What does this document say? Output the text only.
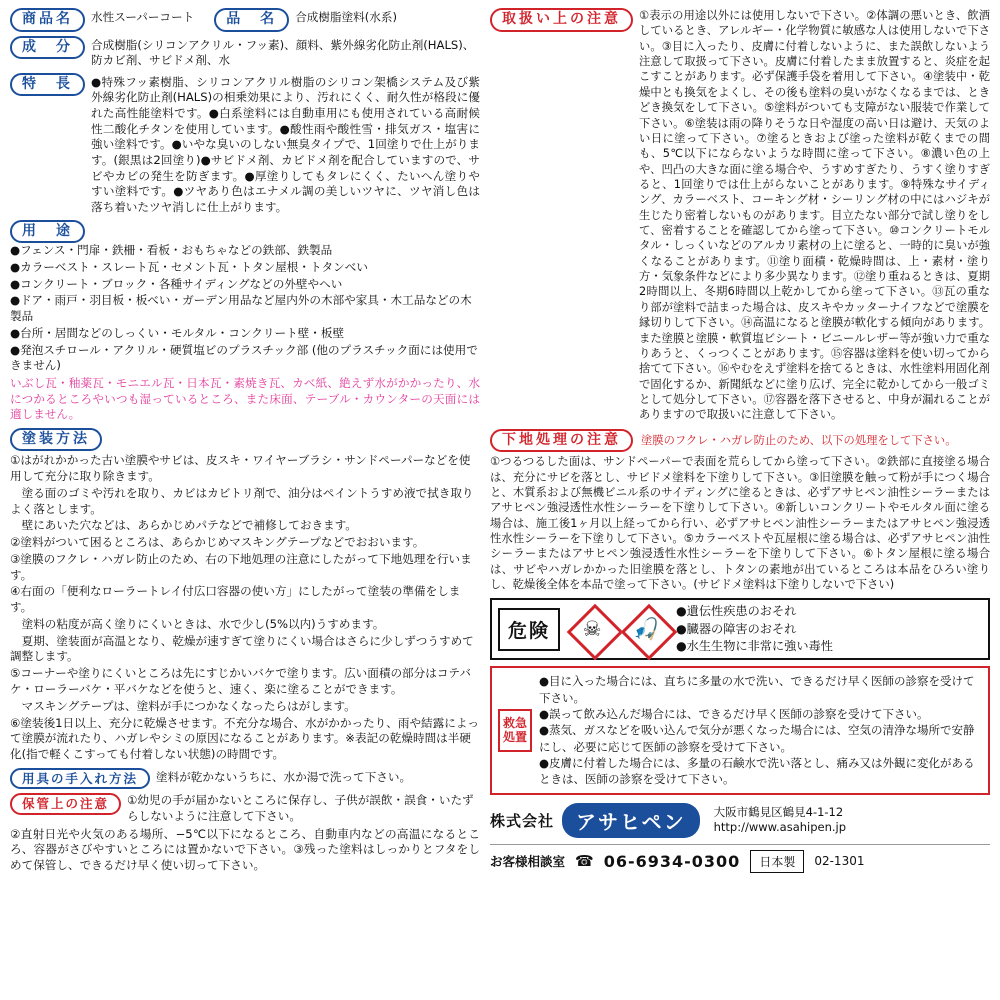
商品名	水性スーパーコート	品　名	合成樹脂塗料(水系)
成　分	合成樹脂(シリコンアクリル・フッ素)、顔料、紫外線劣化防止剤(HALS)、防カビ剤、サビドメ剤、水
特　長	●特殊フッ素樹脂、シリコンアクリル樹脂のシリコン架橋システム及び紫外線劣化防止剤(HALS)の相乗効果により、汚れにくく、耐久性が格段に優れた高性能塗料です。●白系塗料には自動車用にも使用されている高耐候性二酸化チタンを使用しています。●酸性雨や酸性雪・排気ガス・塩害に強い塗料です。●いやな臭いのしない無臭タイプで、1回塗りで仕上がります。(銀黒は2回塗り)●サビドメ剤、カビドメ剤を配合していますので、サビやカビの発生を防ぎます。●厚塗りしてもタレにくく、たいへん塗りやすい塗料です。●ツヤあり色はエナメル調の美しいツヤに、ツヤ消し色は落ち着いたツヤ消しに仕上がります。
用　途
●フェンス・門扉・鉄柵・看板・おもちゃなどの鉄部、鉄製品
●カラーベスト・スレート瓦・セメント瓦・トタン屋根・トタンべい
●コンクリート・ブロック・各種サイディングなどの外壁やへい
●ドア・雨戸・羽目板・板べい・ガーデン用品など屋内外の木部や家具・木工品などの木製品
●台所・居間などのしっくい・モルタル・コンクリート壁・板壁
●発泡スチロール・アクリル・硬質塩ビのプラスチック部 (他のプラスチック面には使用できません)
いぶし瓦・釉薬瓦・モニエル瓦・日本瓦・素焼き瓦、カベ紙、絶えず水がかかったり、水につかるところやいつも湿っているところ、また床面、テーブル・カウンターの天面には適しません。
塗装方法
①はがれかかった古い塗膜やサビは、皮スキ・ワイヤーブラシ・サンドペーパーなどを使用して充分に取り除きます。
　塗る面のゴミや汚れを取り、カビはカビトリ剤で、油分はペイントうすめ液で拭き取りよく落とします。
　壁にあいた穴などは、あらかじめパテなどで補修しておきます。
②塗料がついて困るところは、あらかじめマスキングテープなどでおおいます。
③塗膜のフクレ・ハガレ防止のため、右の下地処理の注意にしたがって下地処理を行います。
④右面の「便利なローラートレイ付広口容器の使い方」にしたがって塗装の準備をします。
　塗料の粘度が高く塗りにくいときは、水で少し(5%以内)うすめます。
　夏期、塗装面が高温となり、乾燥が速すぎて塗りにくい場合はさらに少しずつうすめて調整します。
⑤コーナーや塗りにくいところは先にすじかいバケで塗ります。広い面積の部分はコテバケ・ローラーバケ・平バケなどを使うと、速く、楽に塗ることができます。
　マスキングテープは、塗料が手につかなくなったらはがします。
⑥塗装後1日以上、充分に乾燥させます。不充分な場合、水がかかったり、雨や結露によって塗膜が流れたり、ハガレやシミの原因になることがあります。※表記の乾燥時間は半硬化(指で軽くこすっても付着しない状態)の時間です。
用具の手入れ方法	塗料が乾かないうちに、水か湯で洗って下さい。
保管上の注意	①幼児の手が届かないところに保存し、子供が誤飲・誤食・いたずらしないように注意して下さい。
②直射日光や火気のある場所、−5℃以下になるところ、自動車内などの高温になるところ、容器がさびやすいところには置かないで下さい。③残った塗料はしっかりとフタをしめて保管し、できるだけ早く使い切って下さい。
取扱い上の注意	①表示の用途以外には使用しないで下さい。②体調の悪いとき、飲酒しているとき、アレルギー・化学物質に敏感な人は使用しないで下さい。③目に入ったり、皮膚に付着しないように、また誤飲しないよう注意して取扱って下さい。皮膚に付着したまま放置すると、炎症を起こすことがあります。必ず保護手袋を着用して下さい。④塗装中・乾燥中とも換気をよくし、その後も塗料の臭いがなくなるまでは、ときどき換気をして下さい。⑤塗料がついても支障がない服装で作業して下さい。⑥塗装は雨の降りそうな日や湿度の高い日は避け、天気のよい日に塗って下さい。⑦塗るときおよび塗った塗料が乾くまでの間も、5℃以下にならないような時間に塗って下さい。⑧濃い色の上や、凹凸の大きな面に塗る場合や、うすめすぎたり、うすく塗りすぎると、1回塗りでは仕上がらないことがあります。⑨特殊なサイディング、カラーベスト、コーキング材・シーリング材の中にはハジキが生じたり密着しないものがあります。目立たない部分で試し塗りをして、密着することを確認してから塗って下さい。⑩コンクリートモルタル・しっくいなどのアルカリ素材の上に塗ると、一時的に臭いが強くなることがあります。⑪塗り面積・乾燥時間は、上・素材・塗り方・気象条件などにより多少異なります。⑫塗り重ねるときは、夏期2時間以上、冬期6時間以上乾かしてから塗って下さい。⑬瓦の重なり部が塗料で詰まった場合は、皮スキやカッターナイフなどで塗膜を縁切りして下さい。⑭高温になると塗膜が軟化する傾向があります。また塗膜と塗膜・軟質塩ビシート・ビニールレザー等が強い力で重なりあうと、くっつくことがあります。⑮容器は塗料を使い切ってから捨てて下さい。⑯やむをえず塗料を捨てるときは、水性塗料用固化剤で固化するか、新聞紙などに塗り広げ、完全に乾かしてから一般ゴミとして処分して下さい。⑰容器を落下させると、中身が漏れることがありますので取扱いに注意して下さい。
下地処理の注意	塗膜のフクレ・ハガレ防止のため、以下の処理をして下さい。
①つるつるした面は、サンドペーパーで表面を荒らしてから塗って下さい。②鉄部に直接塗る場合は、充分にサビを落とし、サビドメ塗料を下塗りして下さい。③旧塗膜を触って粉が手につく場合と、木質系および無機ビニル系のサイディングに塗るときは、必ずアサヒペン油性シーラーまたはアサヒペン強浸透性水性シーラーを下塗りして下さい。④新しいコンクリートやモルタル面に塗る場合は、施工後1ヶ月以上経ってから行い、必ずアサヒペン油性シーラーまたはアサヒペン強浸透性水性シーラーを下塗りして下さい。⑤カラーベストや瓦屋根に塗る場合は、必ずアサヒペン油性シーラーまたはアサヒペン強浸透性水性シーラーを下塗りして下さい。⑥トタン屋根に塗る場合は、サビやハガレかかった旧塗膜を落とし、トタンの素地が出ているところは本品をひろい塗りし、乾燥後全体を本品で塗って下さい。(サビドメ塗料は下塗りしないで下さい)
危険	☠	🎣
●遺伝性疾患のおそれ
●臓器の障害のおそれ
●水生生物に非常に強い毒性
救急処置
●目に入った場合には、直ちに多量の水で洗い、できるだけ早く医師の診察を受けて下さい。
●誤って飲み込んだ場合には、できるだけ早く医師の診察を受けて下さい。
●蒸気、ガスなどを吸い込んで気分が悪くなった場合には、空気の清浄な場所で安静にし、必要に応じて医師の診察を受けて下さい。
●皮膚に付着した場合には、多量の石鹸水で洗い落とし、痛み又は外観に変化があるときは、医師の診察を受けて下さい。
株式会社	アサヒペン	大阪市鶴見区鶴見4-1-12
http://www.asahipen.jp
お客様相談室 ☎ 06-6934-0300	日本製	02-1301
